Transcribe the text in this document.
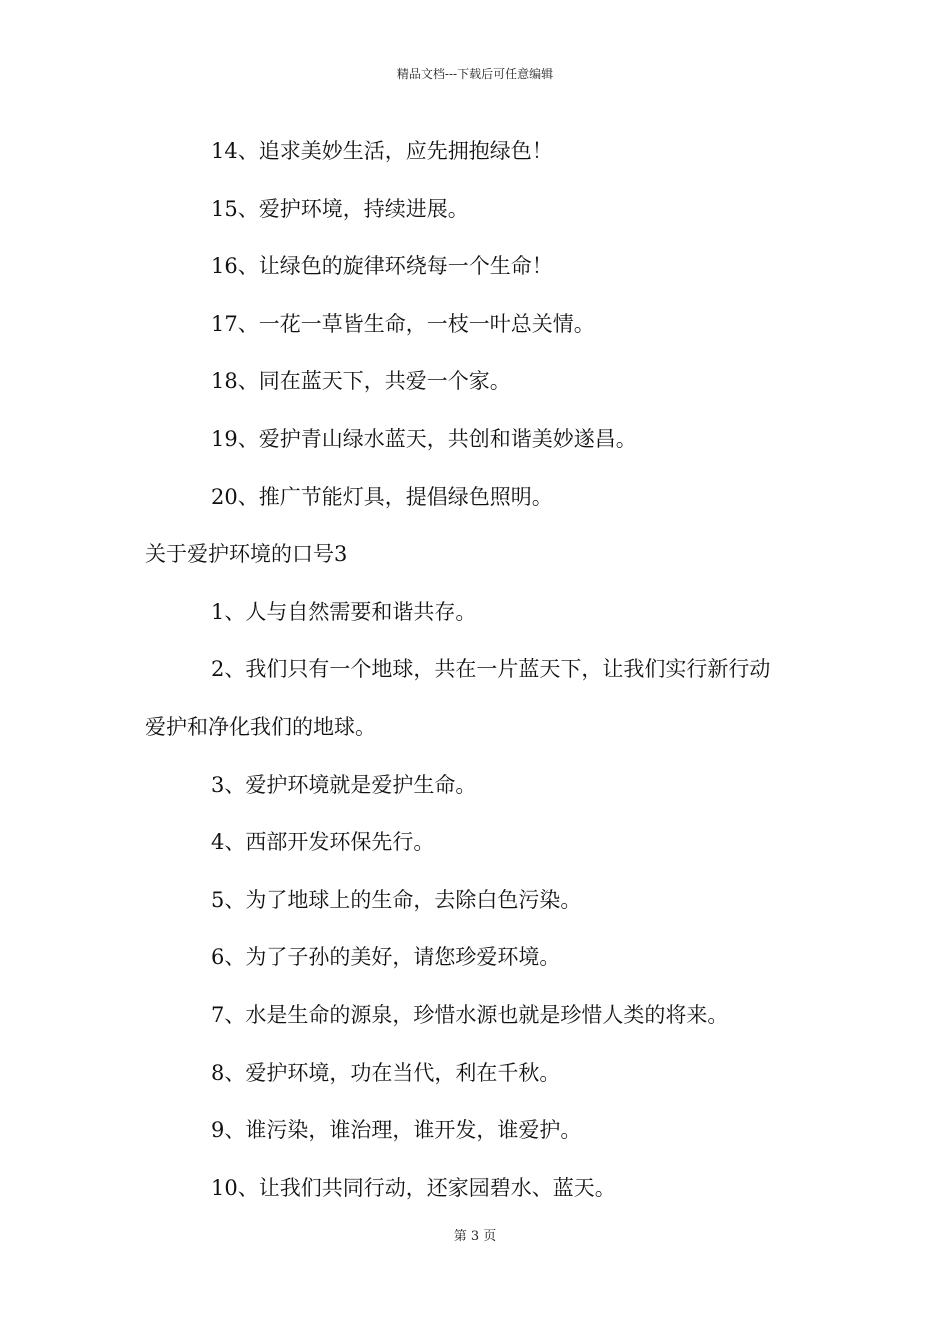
精品文档---下载后可任意编辑
14、追求美妙生活，应先拥抱绿色！
15、爱护环境，持续进展。
16、让绿色的旋律环绕每一个生命！
17、一花一草皆生命，一枝一叶总关情。
18、同在蓝天下，共爱一个家。
19、爱护青山绿水蓝天，共创和谐美妙遂昌。
20、推广节能灯具，提倡绿色照明。
关于爱护环境的口号3
1、人与自然需要和谐共存。
2、我们只有一个地球，共在一片蓝天下，让我们实行新行动
爱护和净化我们的地球。
3、爱护环境就是爱护生命。
4、西部开发环保先行。
5、为了地球上的生命，去除白色污染。
6、为了子孙的美好，请您珍爱环境。
7、水是生命的源泉，珍惜水源也就是珍惜人类的将来。
8、爱护环境，功在当代，利在千秋。
9、谁污染，谁治理，谁开发，谁爱护。
10、让我们共同行动，还家园碧水、蓝天。
第 3 页
